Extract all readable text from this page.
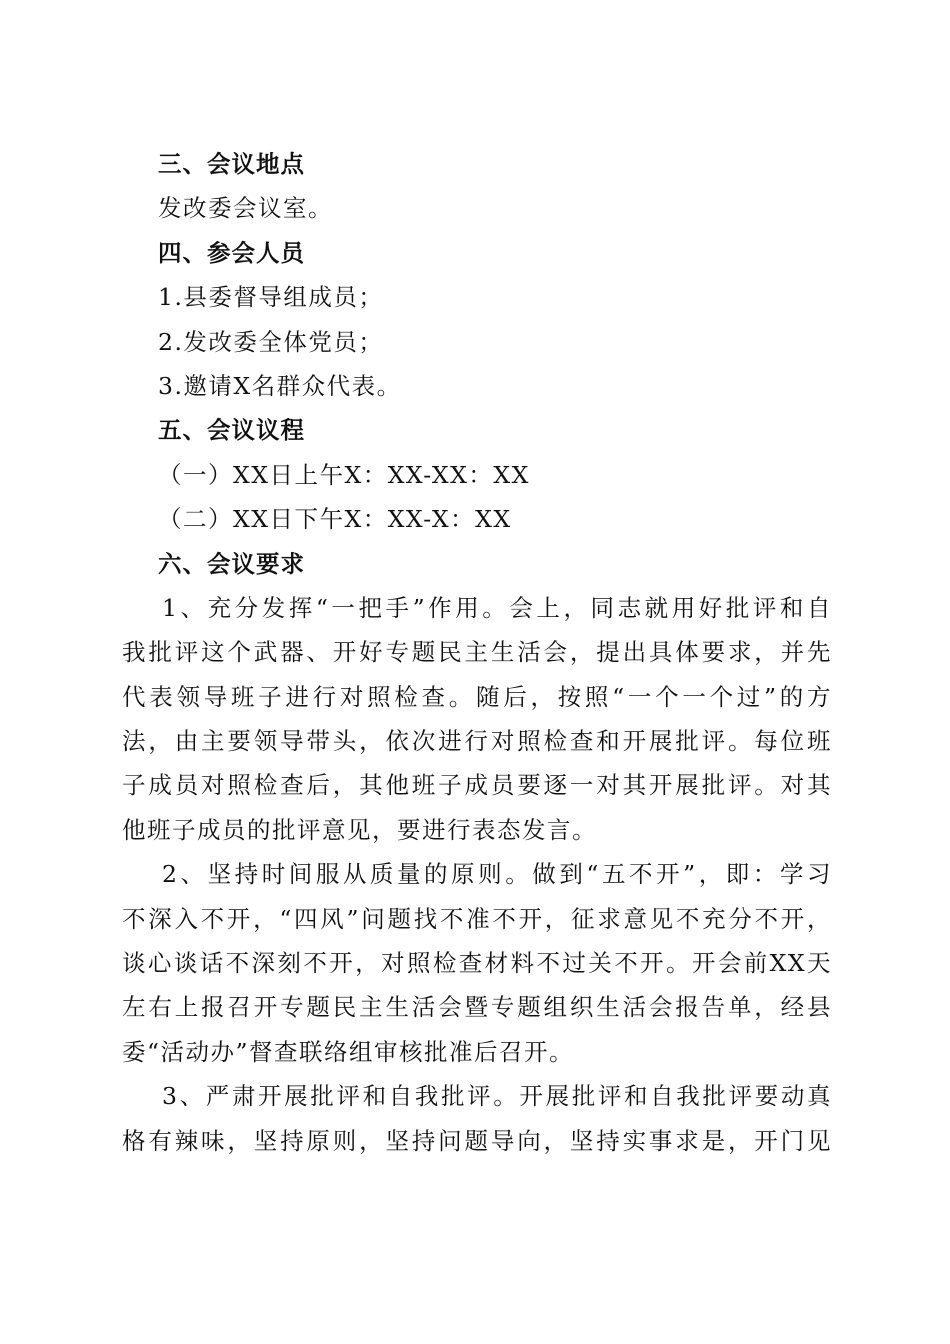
三、会议地点
发改委会议室。
四、参会人员
1.县委督导组成员；
2.发改委全体党员；
3.邀请X名群众代表。
五、会议议程
（一）XX日上午X：XX-XX：XX
（二）XX日下午X：XX-X：XX
六、会议要求
1、充分发挥“一把手”作用。会上，同志就用好批评和自
我批评这个武器、开好专题民主生活会，提出具体要求，并先
代表领导班子进行对照检查。随后，按照“一个一个过”的方
法，由主要领导带头，依次进行对照检查和开展批评。每位班
子成员对照检查后，其他班子成员要逐一对其开展批评。对其
他班子成员的批评意见，要进行表态发言。
2、坚持时间服从质量的原则。做到“五不开”，即：学习
不深入不开，“四风”问题找不准不开，征求意见不充分不开，
谈心谈话不深刻不开，对照检查材料不过关不开。开会前XX天
左右上报召开专题民主生活会暨专题组织生活会报告单，经县
委“活动办”督查联络组审核批准后召开。
3、严肃开展批评和自我批评。开展批评和自我批评要动真
格有辣味，坚持原则，坚持问题导向，坚持实事求是，开门见
